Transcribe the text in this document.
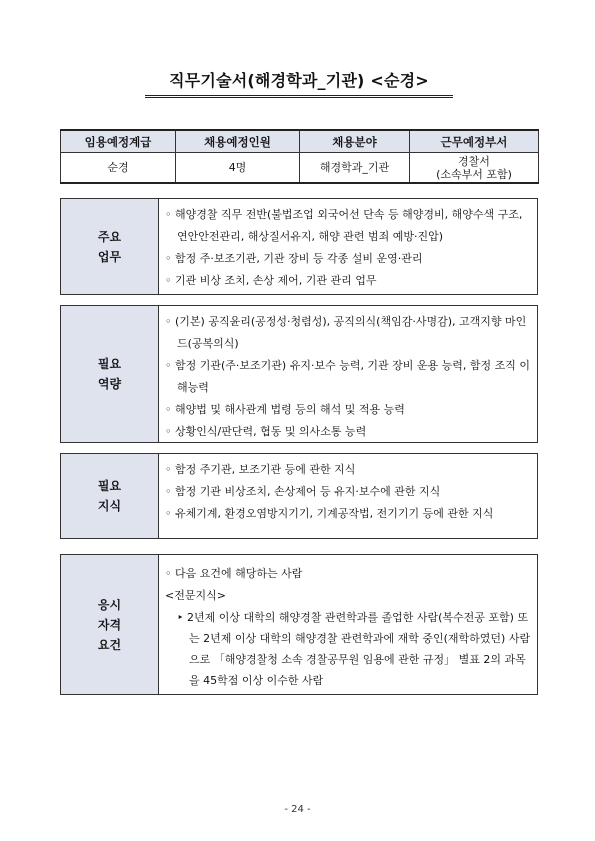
직무기술서(해경학과_기관) <순경>
임용예정계급	채용예정인원	채용분야	근무예정부서
순경	4명	해경학과_기관	경찰서
(소속부서 포함)
주요
업무
◦ 해양경찰 직무 전반(불법조업 외국어선 단속 등 해양경비, 해양수색 구조, 연안안전관리, 해상질서유지, 해양 관련 범죄 예방·진압)
◦ 함정 주·보조기관, 기관 장비 등 각종 설비 운영·관리
◦ 기관 비상 조치, 손상 제어, 기관 관리 업무
필요
역량
◦ (기본) 공직윤리(공정성·청렴성), 공직의식(책임감·사명감), 고객지향 마인드(공복의식)
◦ 함정 기관(주·보조기관) 유지·보수 능력, 기관 장비 운용 능력, 함정 조직 이해능력
◦ 해양법 및 해사관계 법령 등의 해석 및 적용 능력
◦ 상황인식/판단력, 협동 및 의사소통 능력
필요
지식
◦ 함정 주기관, 보조기관 등에 관한 지식
◦ 함정 기관 비상조치, 손상제어 등 유지·보수에 관한 지식
◦ 유체기계, 환경오염방지기기, 기계공작법, 전기기기 등에 관한 지식
응시
자격
요건
◦ 다음 요건에 해당하는 사람
<전문지식>
‣ 2년제 이상 대학의 해양경찰 관련학과를 졸업한 사람(복수전공 포함) 또는 2년제 이상 대학의 해양경찰 관련학과에 재학 중인(재학하였던) 사람으로 「해양경찰청 소속 경찰공무원 임용에 관한 규정」 별표 2의 과목을 45학점 이상 이수한 사람
- 24 -
